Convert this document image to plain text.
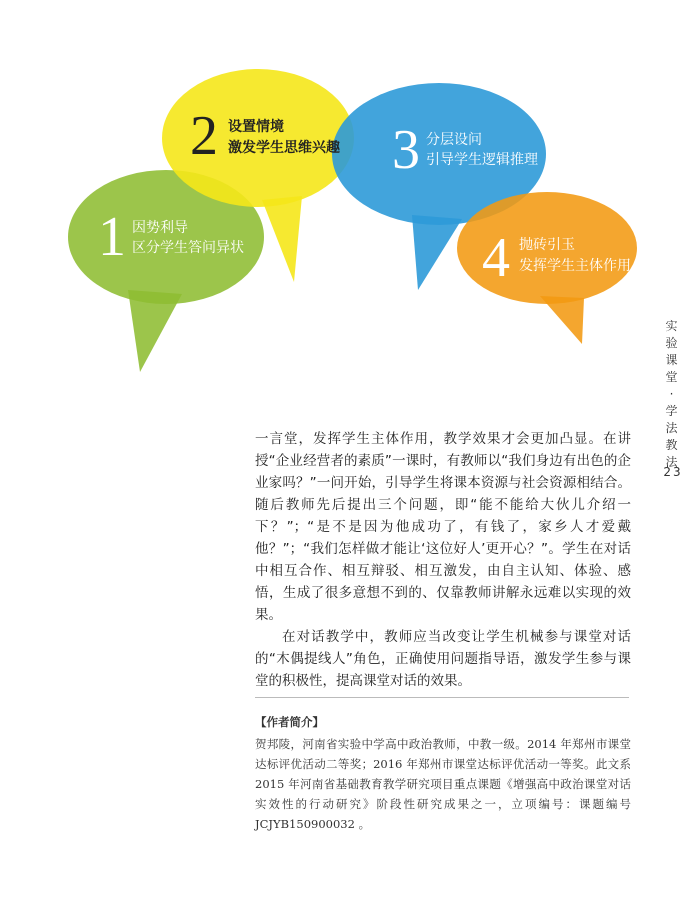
1 因势利导
区分学生答问异状
2 设置情境
激发学生思维兴趣 3 分层设问
引导学生逻辑推理
4 抛砖引玉
发挥学生主体作用
实
验
课
堂
·
学
法
教
法
23

一言堂，发挥学生主体作用，教学效果才会更加凸显。在讲授“企业经营者的素质”一课时，有教师以“我们身边有出色的企业家吗？”一问开始，引导学生将课本资源与社会资源相结合。随后教师先后提出三个问题，即“能不能给大伙儿介绍一下？”；“是不是因为他成功了，有钱了，家乡人才爱戴他？”；“我们怎样做才能让‘这位好人’更开心？”。学生在对话中相互合作、相互辩驳、相互激发，由自主认知、体验、感悟，生成了很多意想不到的、仅靠教师讲解永远难以实现的效果。

在对话教学中，教师应当改变让学生机械参与课堂对话的“木偶提线人”角色，正确使用问题指导语，激发学生参与课堂的积极性，提高课堂对话的效果。

【作者简介】

贺邦陵，河南省实验中学高中政治教师，中教一级。2014 年郑州市课堂达标评优活动二等奖；2016 年郑州市课堂达标评优活动一等奖。此文系 2015 年河南省基础教育教学研究项目重点课题《增强高中政治课堂对话实效性的行动研究》阶段性研究成果之一，立项编号：课题编号 JCJYB150900032 。
